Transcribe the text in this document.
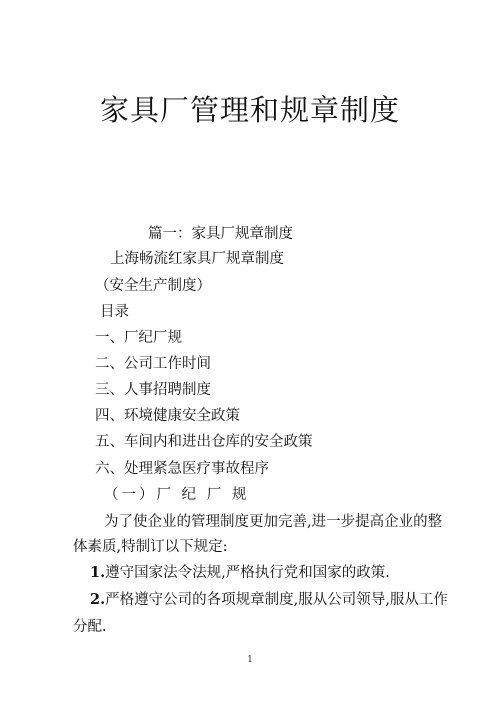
家具厂管理和规章制度
篇一：家具厂规章制度
上海畅流红家具厂规章制度
（安全生产制度）
目录
一、厂纪厂规
二、公司工作时间
三、人事招聘制度
四、环境健康安全政策
五、车间内和进出仓库的安全政策
六、处理紧急医疗事故程序
（一）厂 纪 厂 规
为了使企业的管理制度更加完善,进一步提高企业的整
体素质,特制订以下规定:
1.遵守国家法令法规,严格执行党和国家的政策.
2.严格遵守公司的各项规章制度,服从公司领导,服从工作
分配.
1
